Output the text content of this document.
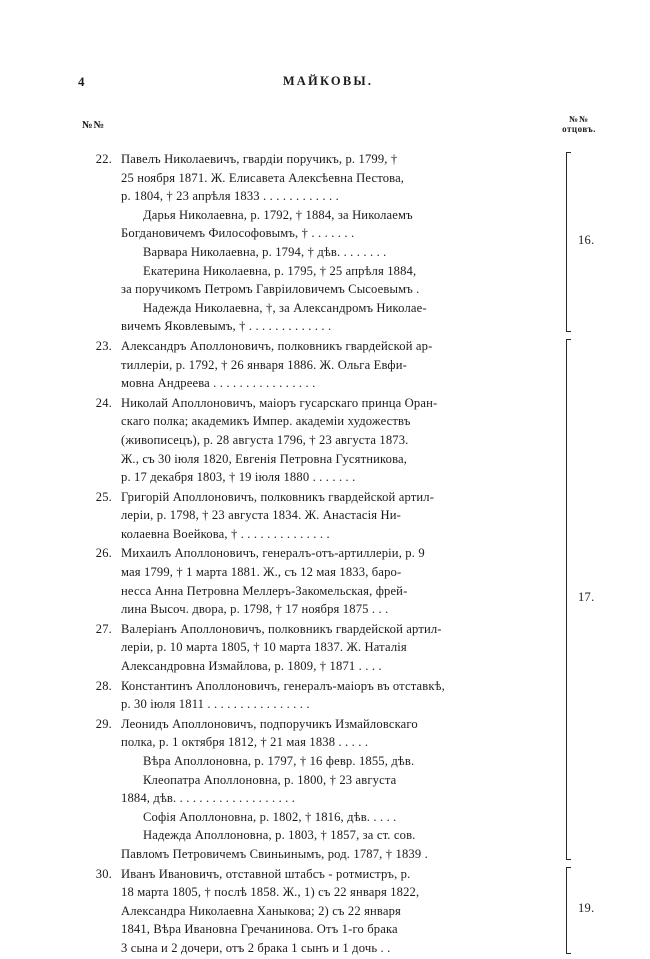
4	МАЙКОВЫ.
№№
№№
отцовъ.
22. Павелъ Николаевичъ, гвардіи поручикъ, р. 1799, †

25 ноября 1871. Ж. Елисавета Алексѣевна Пестова,

р. 1804, † 23 апрѣля 1833 . . . . . . . . . . . .

Дарья Николаевна, р. 1792, † 1884, за Николаемъ

Богдановичемъ Философовымъ, † . . . . . . .

Варвара Николаевна, р. 1794, † дѣв. . . . . . . .

Екатерина Николаевна, р. 1795, † 25 апрѣля 1884,

за поручикомъ Петромъ Гавріиловичемъ Сысоевымъ .

Надежда Николаевна, †, за Александромъ Николае-

вичемъ Яковлевымъ, † . . . . . . . . . . . . .

23. Александръ Аполлоновичъ, полковникъ гвардейской ар-

тиллеріи, р. 1792, † 26 января 1886. Ж. Ольга Евфи-

мовна Андреева . . . . . . . . . . . . . . . .

24. Николай Аполлоновичъ, маіоръ гусарскаго принца Оран-

скаго полка; академикъ Импер. академіи художествъ

(живописецъ), р. 28 августа 1796, † 23 августа 1873.

Ж., съ 30 іюля 1820, Евгенія Петровна Гусятникова,

р. 17 декабря 1803, † 19 іюля 1880 . . . . . . .

25. Григорій Аполлоновичъ, полковникъ гвардейской артил-

леріи, р. 1798, † 23 августа 1834. Ж. Анастасія Ни-

колаевна Воейкова, † . . . . . . . . . . . . . .

26. Михаилъ Аполлоновичъ, генералъ-отъ-артиллеріи, р. 9

мая 1799, † 1 марта 1881. Ж., съ 12 мая 1833, баро-

несса Анна Петровна Меллеръ-Закомельская, фрей-

лина Высоч. двора, р. 1798, † 17 ноября 1875 . . .

27. Валеріанъ Аполлоновичъ, полковникъ гвардейской артил-

леріи, р. 10 марта 1805, † 10 марта 1837. Ж. Наталія

Александровна Измайлова, р. 1809, † 1871 . . . .

28. Константинъ Аполлоновичъ, генералъ-маіоръ въ отставкѣ,

р. 30 іюля 1811 . . . . . . . . . . . . . . . .

29. Леонидъ Аполлоновичъ, подпоручикъ Измайловскаго

полка, р. 1 октября 1812, † 21 мая 1838 . . . . .

Вѣра Аполлоновна, р. 1797, † 16 февр. 1855, дѣв.

Клеопатра Аполлоновна, р. 1800, † 23 августа

1884, дѣв. . . . . . . . . . . . . . . . . . .

Софія Аполлоновна, р. 1802, † 1816, дѣв. . . . .

Надежда Аполлоновна, р. 1803, † 1857, за ст. сов.

Павломъ Петровичемъ Свиньинымъ, род. 1787, † 1839 .

30. Иванъ Ивановичъ, отставной штабсъ - ротмистръ, р.

18 марта 1805, † послѣ 1858. Ж., 1) съ 22 января 1822,

Александра Николаевна Ханыкова; 2) съ 22 января

1841, Вѣра Ивановна Гречанинова. Отъ 1-го брака

3 сына и 2 дочери, отъ 2 брака 1 сынъ и 1 дочь . .

16.
17.
19.
